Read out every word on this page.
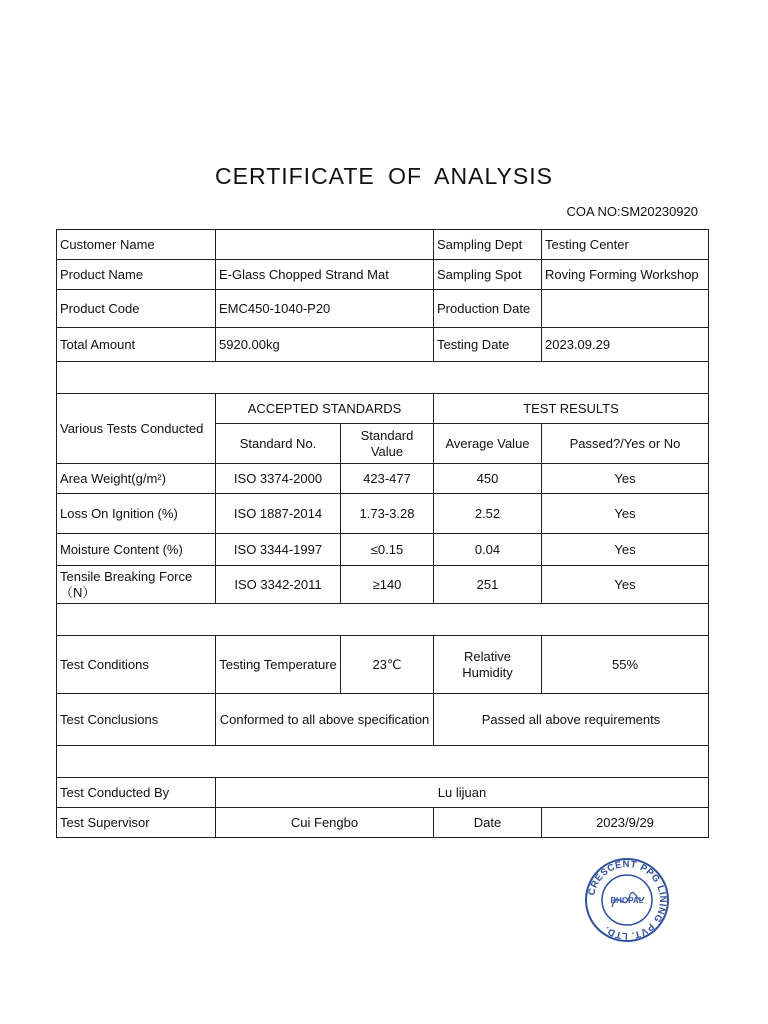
CERTIFICATE OF ANALYSIS
COA NO:SM20230920
Customer Name			Sampling Dept	Testing Center
Product Name	E-Glass Chopped Strand Mat		Sampling Spot	Roving Forming Workshop
Product Code	EMC450-1040-P20		Production Date	
Total Amount	5920.00kg		Testing Date	2023.09.29

Various Tests Conducted	ACCEPTED STANDARDS		TEST RESULTS	
	Standard No.	Standard Value	Average Value	Passed?/Yes or No
Area Weight(g/m²)	ISO 3374-2000	423-477	450	Yes
Loss On Ignition (%)	ISO 1887-2014	1.73-3.28	2.52	Yes
Moisture Content (%)	ISO 3344-1997	≤0.15	0.04	Yes
Tensile Breaking Force （N）	ISO 3342-2011	≥140	251	Yes

Test Conditions	Testing Temperature	23℃	Relative Humidity	55%
Test Conclusions	Conformed to all above specification		Passed all above requirements	

Test Conducted By	Lu lijuan			
Test Supervisor	Cui Fengbo		Date	2023/9/29
CRESCENT PPG LINING PVT. LTD.
BHOPAL
